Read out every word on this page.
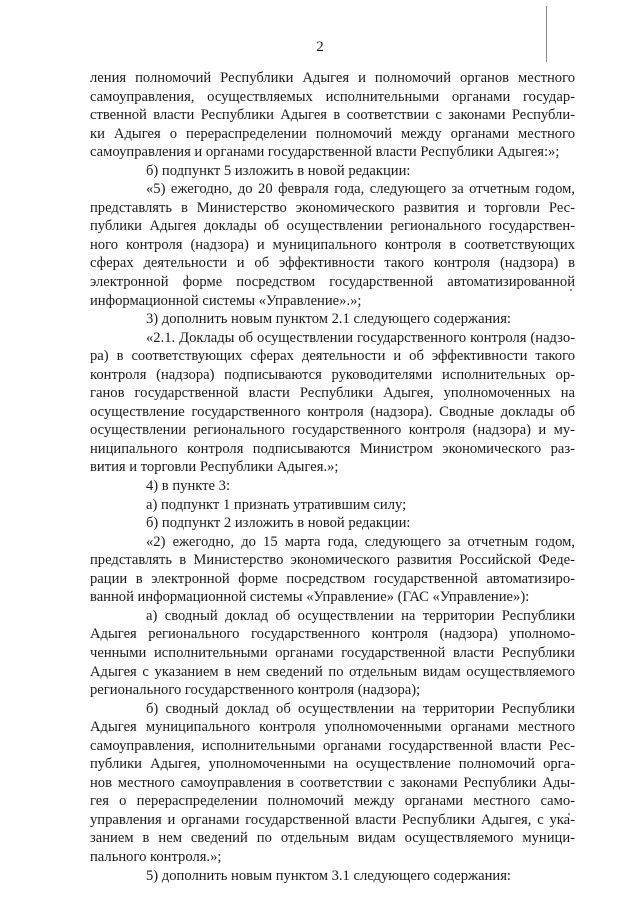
2
ления полномочий Республики Адыгея и полномочий органов местного
самоуправления, осуществляемых исполнительными органами государ-
ственной власти Республики Адыгея в соответствии с законами Республи-
ки Адыгея о перераспределении полномочий между органами местного
самоуправления и органами государственной власти Республики Адыгея:»;
б) подпункт 5 изложить в новой редакции:
«5) ежегодно, до 20 февраля года, следующего за отчетным годом,
представлять в Министерство экономического развития и торговли Рес-
публики Адыгея доклады об осуществлении регионального государствен-
ного контроля (надзора) и муниципального контроля в соответствующих
сферах деятельности и об эффективности такого контроля (надзора) в
электронной форме посредством государственной автоматизированной
информационной системы «Управление».»;
3) дополнить новым пунктом 2.1 следующего содержания:
«2.1. Доклады об осуществлении государственного контроля (надзо-
ра) в соответствующих сферах деятельности и об эффективности такого
контроля (надзора) подписываются руководителями исполнительных ор-
ганов государственной власти Республики Адыгея, уполномоченных на
осуществление государственного контроля (надзора). Сводные доклады об
осуществлении регионального государственного контроля (надзора) и му-
ниципального контроля подписываются Министром экономического раз-
вития и торговли Республики Адыгея.»;
4) в пункте 3:
а) подпункт 1 признать утратившим силу;
б) подпункт 2 изложить в новой редакции:
«2) ежегодно, до 15 марта года, следующего за отчетным годом,
представлять в Министерство экономического развития Российской Феде-
рации в электронной форме посредством государственной автоматизиро-
ванной информационной системы «Управление» (ГАС «Управление»):
а) сводный доклад об осуществлении на территории Республики
Адыгея регионального государственного контроля (надзора) уполномо-
ченными исполнительными органами государственной власти Республики
Адыгея с указанием в нем сведений по отдельным видам осуществляемого
регионального государственного контроля (надзора);
б) сводный доклад об осуществлении на территории Республики
Адыгея муниципального контроля уполномоченными органами местного
самоуправления, исполнительными органами государственной власти Рес-
публики Адыгея, уполномоченными на осуществление полномочий орга-
нов местного самоуправления в соответствии с законами Республики Ады-
гея о перераспределении полномочий между органами местного само-
управления и органами государственной власти Республики Адыгея, с ука-
занием в нем сведений по отдельным видам осуществляемого муници-
пального контроля.»;
5) дополнить новым пунктом 3.1 следующего содержания:
